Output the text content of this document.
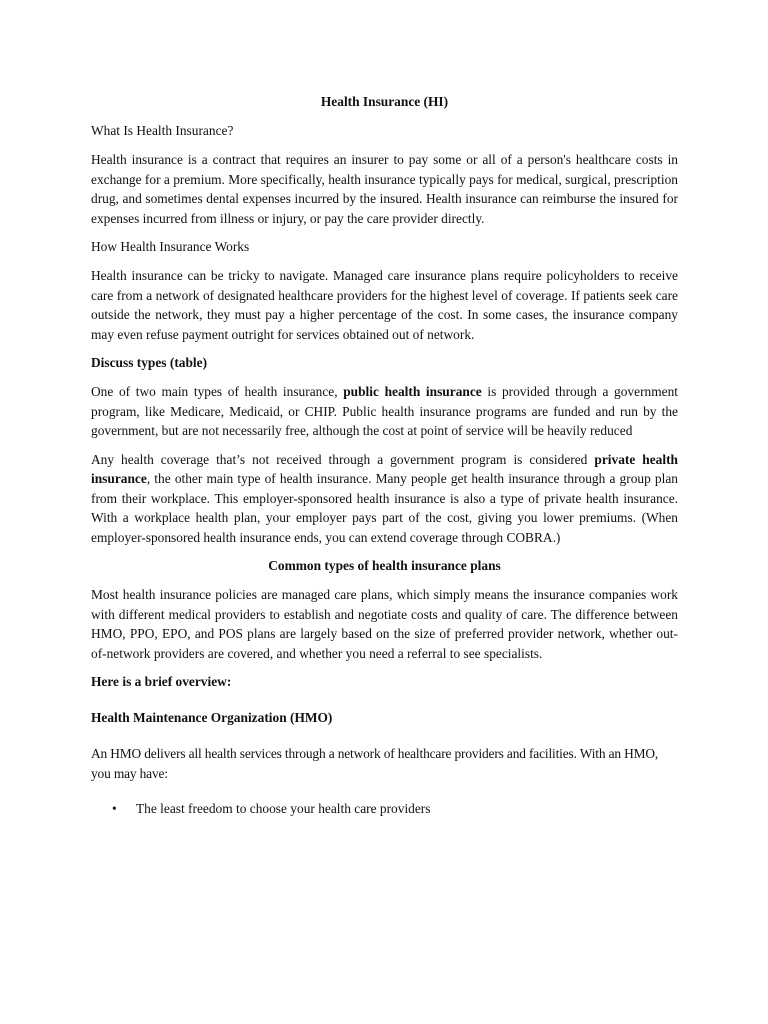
Health Insurance (HI)
What Is Health Insurance?
Health insurance is a contract that requires an insurer to pay some or all of a person's healthcare costs in exchange for a premium. More specifically, health insurance typically pays for medical, surgical, prescription drug, and sometimes dental expenses incurred by the insured. Health insurance can reimburse the insured for expenses incurred from illness or injury, or pay the care provider directly.
How Health Insurance Works
Health insurance can be tricky to navigate. Managed care insurance plans require policyholders to receive care from a network of designated healthcare providers for the highest level of coverage. If patients seek care outside the network, they must pay a higher percentage of the cost. In some cases, the insurance company may even refuse payment outright for services obtained out of network.
Discuss types (table)
One of two main types of health insurance, public health insurance is provided through a government program, like Medicare, Medicaid, or CHIP. Public health insurance programs are funded and run by the government, but are not necessarily free, although the cost at point of service will be heavily reduced
Any health coverage that’s not received through a government program is considered private health insurance, the other main type of health insurance. Many people get health insurance through a group plan from their workplace. This employer-sponsored health insurance is also a type of private health insurance. With a workplace health plan, your employer pays part of the cost, giving you lower premiums. (When employer-sponsored health insurance ends, you can extend coverage through COBRA.)
Common types of health insurance plans
Most health insurance policies are managed care plans, which simply means the insurance companies work with different medical providers to establish and negotiate costs and quality of care. The difference between HMO, PPO, EPO, and POS plans are largely based on the size of preferred provider network, whether out-of-network providers are covered, and whether you need a referral to see specialists.
Here is a brief overview:
Health Maintenance Organization (HMO)
An HMO delivers all health services through a network of healthcare providers and facilities. With an HMO, you may have:
• The least freedom to choose your health care providers
